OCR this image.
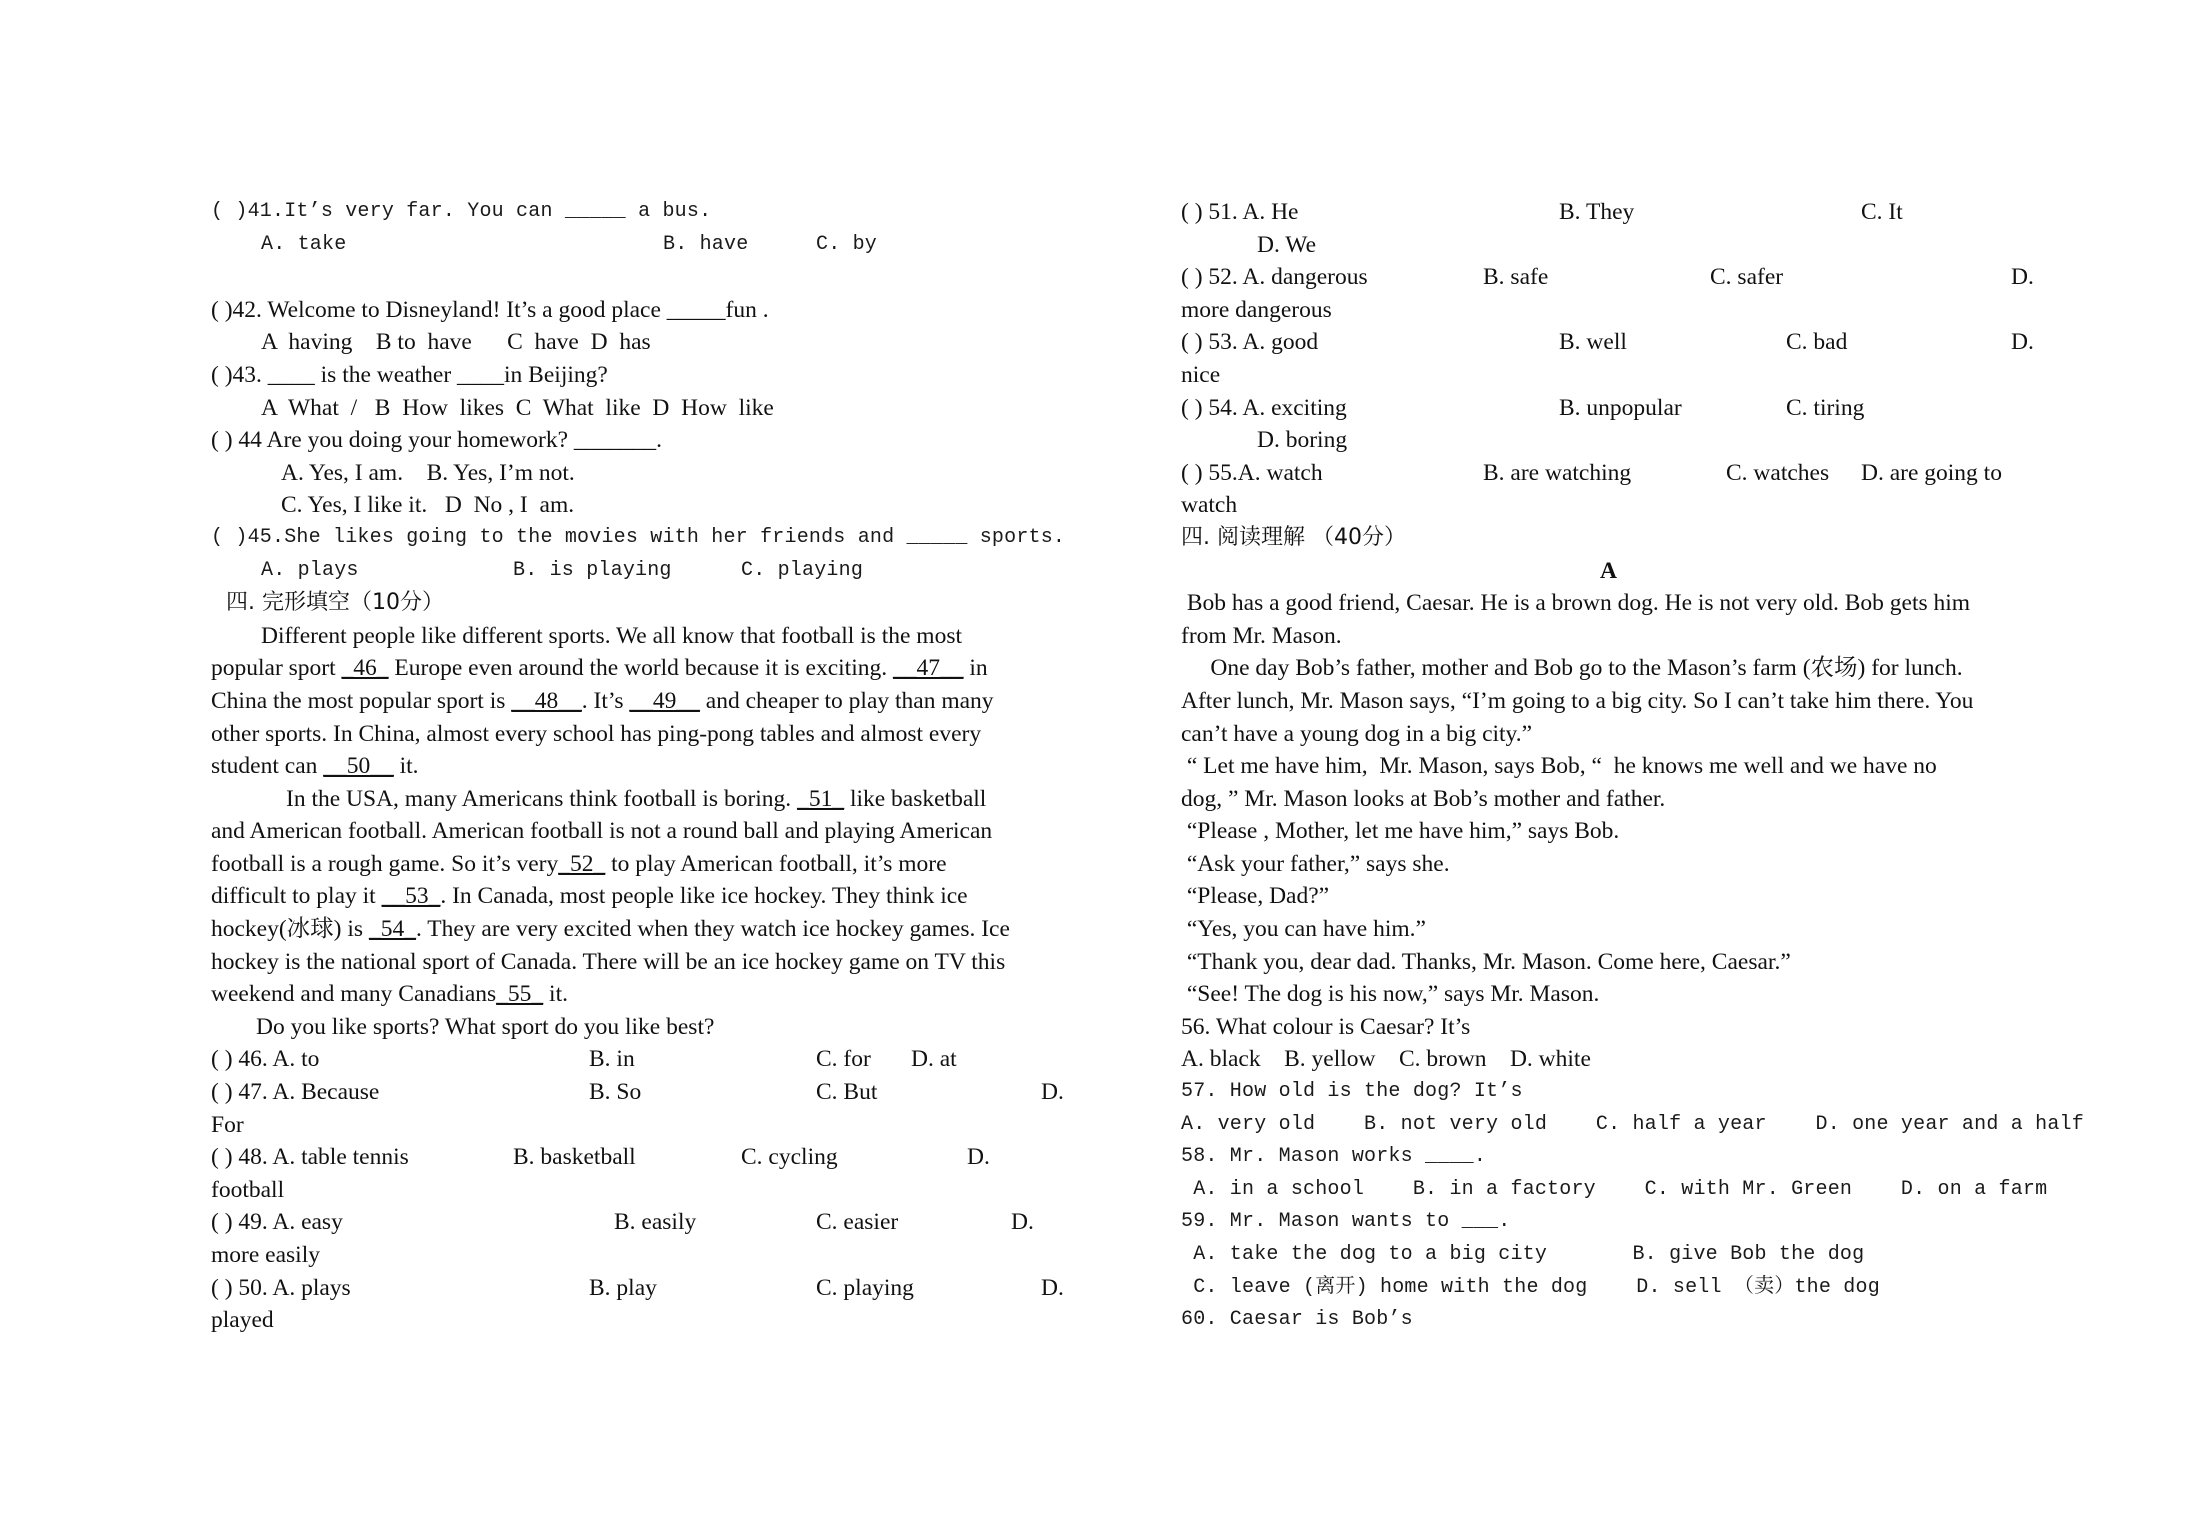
( )41.It’s very far. You can _____ a bus.
A. take	B. have	C. by
( )42. Welcome to Disneyland! It’s a good place _____fun .
A  having    B to  have      C  have  D  has
( )43. ____ is the weather ____in Beijing?
A  What  /   B  How  likes  C  What  like  D  How  like
( ) 44 Are you doing your homework? _______.
A. Yes, I am.    B. Yes, I’m not.
C. Yes, I like it.   D  No , I  am.
( )45.She likes going to the movies with her friends and _____ sports.
A. plays	B. is playing	C. playing
四. 完形填空（10分）
Different people like different sports. We all know that football is the most
popular sport _46_ Europe even around the world because it is exciting. __47__ in
China the most popular sport is __48__. It’s __49__ and cheaper to play than many
other sports. In China, almost every school has ping-pong tables and almost every
student can __50__ it.
In the USA, many Americans think football is boring. _51_ like basketball
and American football. American football is not a round ball and playing American
football is a rough game. So it’s very_52_ to play American football, it’s more
difficult to play it __53_. In Canada, most people like ice hockey. They think ice
hockey(冰球) is _54_. They are very excited when they watch ice hockey games. Ice
hockey is the national sport of Canada. There will be an ice hockey game on TV this
weekend and many Canadians_55_ it.
Do you like sports? What sport do you like best?
( ) 46. A. to	B. in	C. for D. at
( ) 47. A. Because	B. So	C. But	D.
For
( ) 48. A. table tennis	B. basketball	C. cycling	D.
football
( ) 49. A. easy	B. easily	C. easier	D.
more easily
( ) 50. A. plays	B. play	C. playing	D.
played
( ) 51. A. He	B. They	C. It
D. We
( ) 52. A. dangerous	B. safe	C. safer	D.
more dangerous
( ) 53. A. good	B. well	C. bad	D.
nice
( ) 54. A. exciting	B. unpopular	C. tiring
D. boring
( ) 55.A. watch	B. are watching	C. watches D. are going to
watch
四. 阅读理解 （40分）
A
Bob has a good friend, Caesar. He is a brown dog. He is not very old. Bob gets him
from Mr. Mason.
One day Bob’s father, mother and Bob go to the Mason’s farm (农场) for lunch.
After lunch, Mr. Mason says, “I’m going to a big city. So I can’t take him there. You
can’t have a young dog in a big city.”
“ Let me have him,  Mr. Mason, says Bob, “  he knows me well and we have no
dog, ” Mr. Mason looks at Bob’s mother and father.
“Please , Mother, let me have him,” says Bob.
“Ask your father,” says she.
“Please, Dad?”
“Yes, you can have him.”
“Thank you, dear dad. Thanks, Mr. Mason. Come here, Caesar.”
“See! The dog is his now,” says Mr. Mason.
56. What colour is Caesar? It’s
A. black    B. yellow    C. brown    D. white
57. How old is the dog? It’s
A. very old    B. not very old    C. half a year    D. one year and a half
58. Mr. Mason works ____.
A. in a school    B. in a factory    C. with Mr. Green    D. on a farm
59. Mr. Mason wants to ___.
A. take the dog to a big city       B. give Bob the dog
C. leave (离开) home with the dog    D. sell （卖）the dog
60. Caesar is Bob’s
